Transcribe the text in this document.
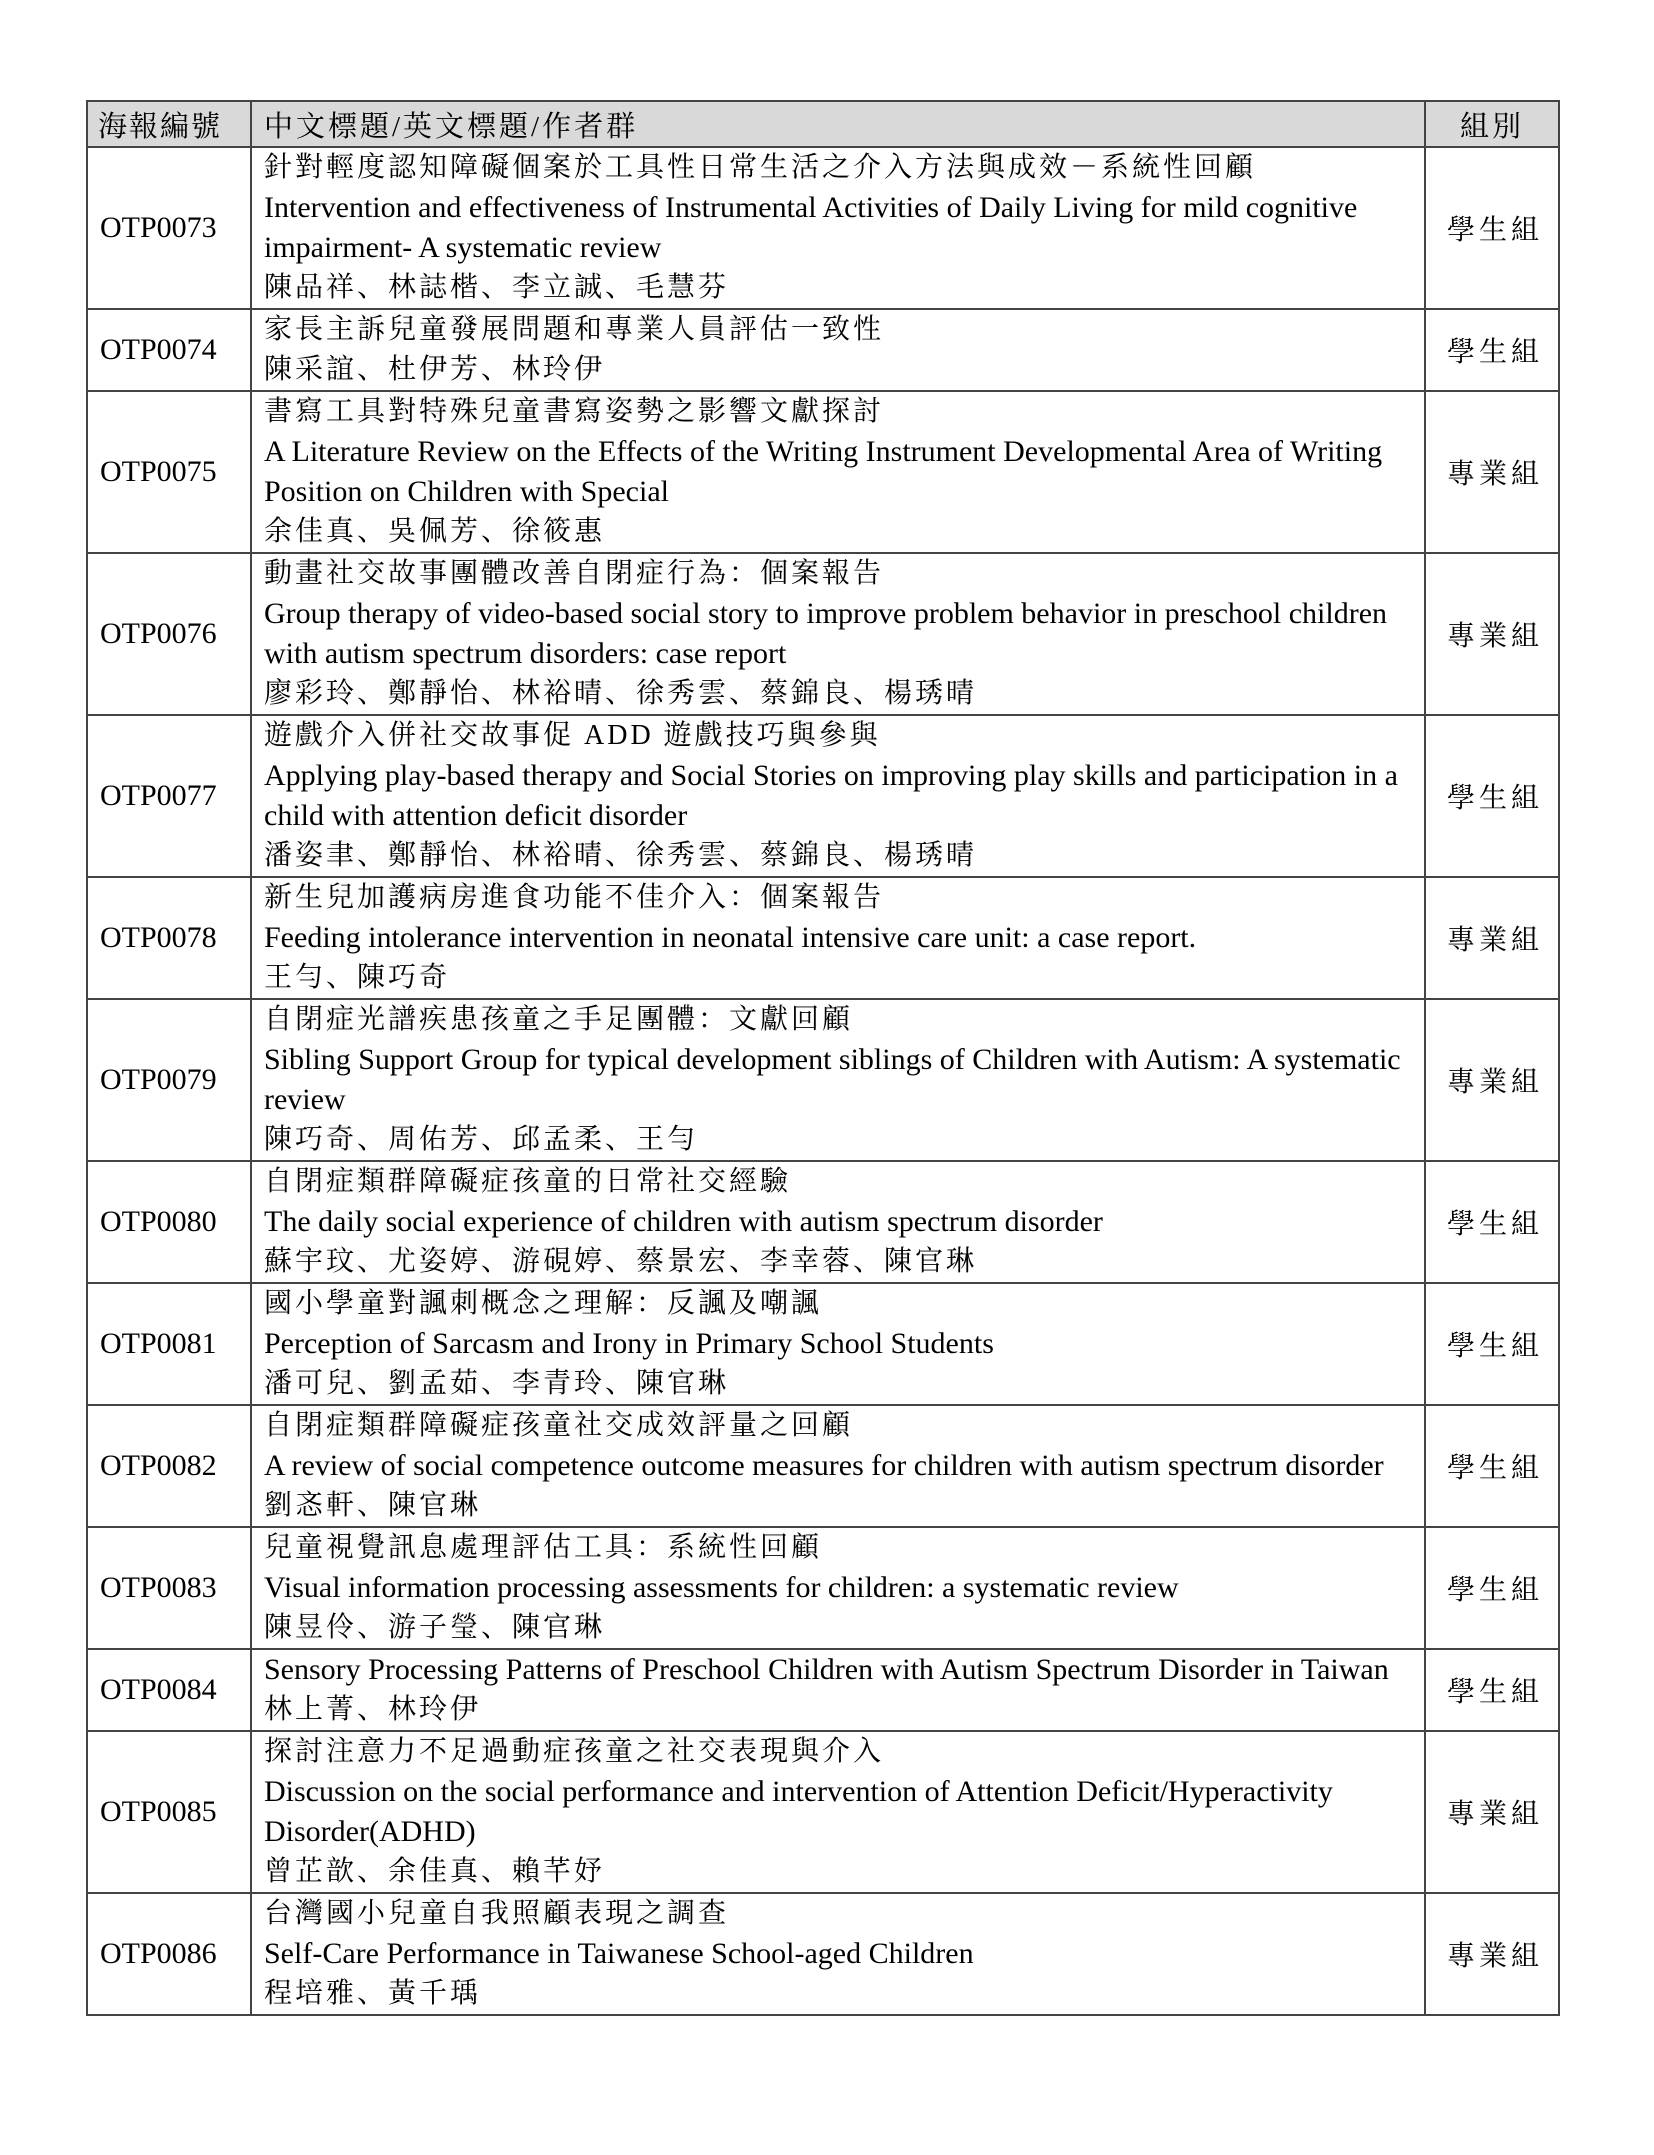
海報編號	中文標題/英文標題/作者群	組別
OTP0073	針對輕度認知障礙個案於工具性日常生活之介入方法與成效－系統性回顧
Intervention and effectiveness of Instrumental Activities of Daily Living for mild cognitive impairment- A systematic review
陳品祥、林誌楷、李立誠、毛慧芬	學生組
OTP0074	家長主訴兒童發展問題和專業人員評估一致性
陳采誼、杜伊芳、林玲伊	學生組
OTP0075	書寫工具對特殊兒童書寫姿勢之影響文獻探討
A Literature Review on the Effects of the Writing Instrument Developmental Area of Writing Position on Children with Special
余佳真、吳佩芳、徐筱惠	專業組
OTP0076	動畫社交故事團體改善自閉症行為：個案報告
Group therapy of video-based social story to improve problem behavior in preschool children with autism spectrum disorders: case report
廖彩玲、鄭靜怡、林裕晴、徐秀雲、蔡錦良、楊琇晴	專業組
OTP0077	遊戲介入併社交故事促 ADD 遊戲技巧與參與
Applying play-based therapy and Social Stories on improving play skills and participation in a child with attention deficit disorder
潘姿聿、鄭靜怡、林裕晴、徐秀雲、蔡錦良、楊琇晴	學生組
OTP0078	新生兒加護病房進食功能不佳介入：個案報告
Feeding intolerance intervention in neonatal intensive care unit: a case report.
王勻、陳巧奇	專業組
OTP0079	自閉症光譜疾患孩童之手足團體：文獻回顧
Sibling Support Group for typical development siblings of Children with Autism: A systematic review
陳巧奇、周佑芳、邱孟柔、王勻	專業組
OTP0080	自閉症類群障礙症孩童的日常社交經驗
The daily social experience of children with autism spectrum disorder
蘇宇玟、尤姿婷、游硯婷、蔡景宏、李幸蓉、陳官琳	學生組
OTP0081	國小學童對諷刺概念之理解：反諷及嘲諷
Perception of Sarcasm and Irony in Primary School Students
潘可兒、劉孟茹、李青玲、陳官琳	學生組
OTP0082	自閉症類群障礙症孩童社交成效評量之回顧
A review of social competence outcome measures for children with autism spectrum disorder
劉忞軒、陳官琳	學生組
OTP0083	兒童視覺訊息處理評估工具：系統性回顧
Visual information processing assessments for children: a systematic review
陳昱伶、游子瑩、陳官琳	學生組
OTP0084	Sensory Processing Patterns of Preschool Children with Autism Spectrum Disorder in Taiwan
林上菁、林玲伊	學生組
OTP0085	探討注意力不足過動症孩童之社交表現與介入
Discussion on the social performance and intervention of Attention Deficit/Hyperactivity Disorder(ADHD)
曾芷歆、余佳真、賴芊妤	專業組
OTP0086	台灣國小兒童自我照顧表現之調查
Self-Care Performance in Taiwanese School-aged Children
程培雅、黃千瑀	專業組
